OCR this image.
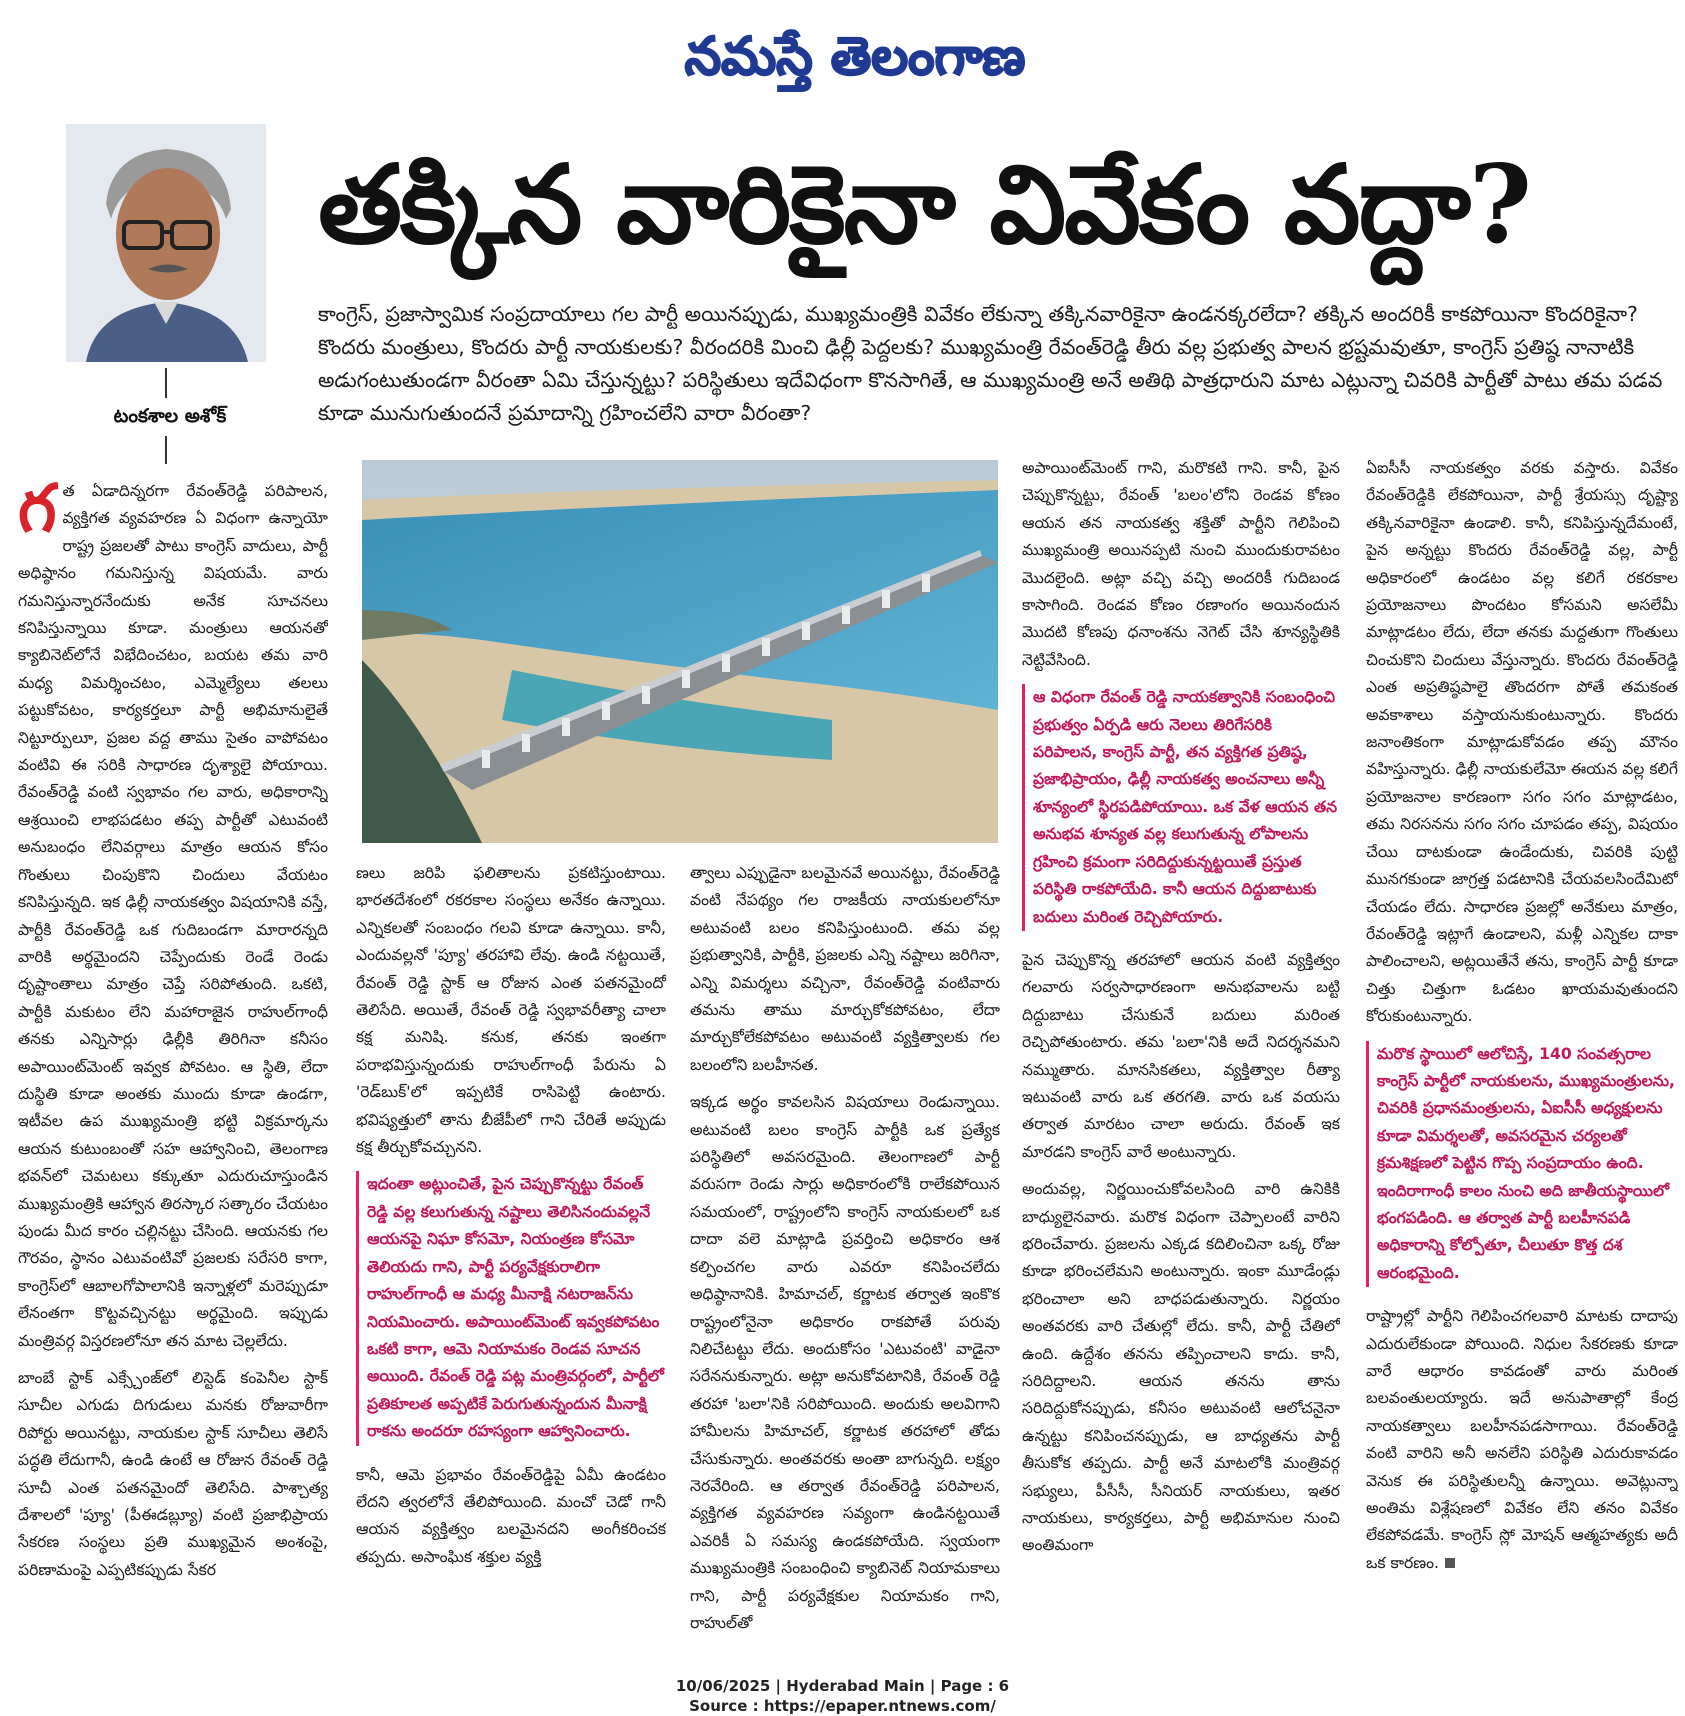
నమస్తే తెలంగాణ
టంకశాల అశోక్
తక్కిన వారికైనా వివేకం వద్దా?

కాంగ్రెస్, ప్రజాస్వామిక సంప్రదాయాలు గల పార్టీ అయినప్పుడు, ముఖ్యమంత్రికి వివేకం లేకున్నా తక్కినవారికైనా ఉండనక్కరలేదా? తక్కిన అందరికీ కాకపోయినా కొందరికైనా? కొందరు మంత్రులు, కొందరు పార్టీ నాయకులకు? వీరందరికి మించి ఢిల్లీ పెద్దలకు? ముఖ్యమంత్రి రేవంత్‌రెడ్డి తీరు వల్ల ప్రభుత్వ పాలన భ్రష్టమవుతూ, కాంగ్రెస్ ప్రతిష్ఠ నానాటికి అడుగంటుతుండగా వీరంతా ఏమి చేస్తున్నట్టు? పరిస్థితులు ఇదేవిధంగా కొనసాగితే, ఆ ముఖ్యమంత్రి అనే అతిథి పాత్రధారుని మాట ఎట్లున్నా చివరికి పార్టీతో పాటు తమ పడవ కూడా మునుగుతుందనే ప్రమాదాన్ని గ్రహించలేని వారా వీరంతా?

గ త ఏడాదిన్నరగా రేవంత్‌రెడ్డి పరిపాలన, వ్యక్తిగత వ్యవహరణ ఏ విధంగా ఉన్నాయో రాష్ట్ర ప్రజలతో పాటు కాంగ్రెస్ వాదులు, పార్టీ అధిష్ఠానం గమనిస్తున్న విషయమే. వారు గమనిస్తున్నారనేందుకు అనేక సూచనలు కనిపిస్తున్నాయి కూడా. మంత్రులు ఆయనతో క్యాబినెట్‌లోనే విభేదించటం, బయట తమ వారి మధ్య విమర్శించటం, ఎమ్మెల్యేలు తలలు పట్టుకోవటం, కార్యకర్తలూ పార్టీ అభిమానులైతే నిట్టూర్పులూ, ప్రజల వద్ద తాము సైతం వాపోవటం వంటివి ఈ సరికి సాధారణ దృశ్యాలై పోయాయి. రేవంత్‌రెడ్డి వంటి స్వభావం గల వారు, అధికారాన్ని ఆశ్రయించి లాభపడటం తప్ప పార్టీతో ఎటువంటి అనుబంధం లేనివర్గాలు మాత్రం ఆయన కోసం గొంతులు చింపుకొని చిందులు వేయటం కనిపిస్తున్నది. ఇక ఢిల్లీ నాయకత్వం విషయానికి వస్తే, పార్టీకి రేవంత్‌రెడ్డి ఒక గుదిబండగా మారారన్నది వారికి అర్థమైందని చెప్పేందుకు రెండే రెండు దృష్టాంతాలు మాత్రం చెప్తే సరిపోతుంది. ఒకటి, పార్టీకి మకుటం లేని మహారాజైన రాహుల్‌గాంధీ తనకు ఎన్నిసార్లు ఢిల్లీకి తిరిగినా కనీసం అపాయింట్‌మెంట్ ఇవ్వక పోవటం. ఆ స్థితి, లేదా దుస్థితి కూడా అంతకు ముందు కూడా ఉండగా, ఇటీవల ఉప ముఖ్యమంత్రి భట్టి విక్రమార్కను ఆయన కుటుంబంతో సహ ఆహ్వానించి, తెలంగాణ భవన్‌లో చెమటలు కక్కుతూ ఎదురుచూస్తుండిన ముఖ్యమంత్రికి ఆహ్వాన తిరస్కార సత్కారం చేయటం పుండు మీద కారం చల్లినట్టు చేసింది. ఆయనకు గల గౌరవం, స్థానం ఎటువంటివో ప్రజలకు సరేసరి కాగా, కాంగ్రెస్‌లో ఆబాలగోపాలానికి ఇన్నాళ్లలో మరెప్పుడూ లేనంతగా కొట్టవచ్చినట్టు అర్థమైంది. ఇప్పుడు మంత్రివర్గ విస్తరణలోనూ తన మాట చెల్లలేదు.

బాంబే స్టాక్ ఎక్స్చేంజ్‌లో లిస్టెడ్ కంపెనీల స్టాక్ సూచీల ఎగుడు దిగుడులు మనకు రోజువారీగా రిపోర్టు అయినట్టు, నాయకుల స్టాక్ సూచీలు తెలిసే పద్ధతి లేదుగానీ, ఉండి ఉంటే ఆ రోజున రేవంత్ రెడ్డి సూచీ ఎంత పతనమైందో తెలిసేది. పాశ్చాత్య దేశాలలో 'ప్యూ' (పీఈడబ్ల్యూ) వంటి ప్రజాభిప్రాయ సేకరణ సంస్థలు ప్రతి ముఖ్యమైన అంశంపై, పరిణామంపై ఎప్పటికప్పుడు సేకర

ణలు జరిపి ఫలితాలను ప్రకటిస్తుంటాయి. భారతదేశంలో రకరకాల సంస్థలు అనేకం ఉన్నాయి. ఎన్నికలతో సంబంధం గలవి కూడా ఉన్నాయి. కానీ, ఎందువల్లనో 'ప్యూ' తరహావి లేవు. ఉండి నట్టయితే, రేవంత్ రెడ్డి స్టాక్ ఆ రోజున ఎంత పతనమైందో తెలిసేది. అయితే, రేవంత్ రెడ్డి స్వభావరీత్యా చాలా కక్ష మనిషి. కనుక, తనకు ఇంతగా పరాభవిస్తున్నందుకు రాహుల్‌గాంధీ పేరును ఏ 'రెడ్‌బుక్'లో ఇప్పటికే రాసిపెట్టి ఉంటారు. భవిష్యత్తులో తాను బీజేపీలో గాని చేరితే అప్పుడు కక్ష తీర్చుకోవచ్చునని.

ఇదంతా అట్లుంచితే, పైన చెప్పుకొన్నట్టు రేవంత్ రెడ్డి వల్ల కలుగుతున్న నష్టాలు తెలిసినందువల్లనే ఆయనపై నిఘా కోసమో, నియంత్రణ కోసమో తెలియదు గాని, పార్టీ పర్యవేక్షకురాలిగా రాహుల్‌గాంధీ ఆ మధ్య మీనాక్షి నటరాజన్‌ను నియమించారు. అపాయింట్‌మెంట్ ఇవ్వకపోవటం ఒకటి కాగా, ఆమె నియామకం రెండవ సూచన అయింది. రేవంత్ రెడ్డి పట్ల మంత్రివర్గంలో, పార్టీలో ప్రతికూలత అప్పటికే పెరుగుతున్నందున మీనాక్షి రాకను అందరూ రహస్యంగా ఆహ్వానించారు.

కానీ, ఆమె ప్రభావం రేవంత్‌రెడ్డిపై ఏమీ ఉండటం లేదని త్వరలోనే తేలిపోయింది. మంచో చెడో గానీ ఆయన వ్యక్తిత్వం బలమైనదని అంగీకరించక తప్పదు. అసాంఘిక శక్తుల వ్యక్తి

త్వాలు ఎప్పుడైనా బలమైనవే అయినట్టు, రేవంత్‌రెడ్డి వంటి నేపథ్యం గల రాజకీయ నాయకులలోనూ అటువంటి బలం కనిపిస్తుంటుంది. తమ వల్ల ప్రభుత్వానికి, పార్టీకి, ప్రజలకు ఎన్ని నష్టాలు జరిగినా, ఎన్ని విమర్శలు వచ్చినా, రేవంత్‌రెడ్డి వంటివారు తమను తాము మార్చుకోకపోవటం, లేదా మార్చుకోలేకపోవటం అటువంటి వ్యక్తిత్వాలకు గల బలంలోని బలహీనత.

ఇక్కడ అర్థం కావలసిన విషయాలు రెండున్నాయి. అటువంటి బలం కాంగ్రెస్ పార్టీకి ఒక ప్రత్యేక పరిస్థితిలో అవసరమైంది. తెలంగాణలో పార్టీ వరుసగా రెండు సార్లు అధికారంలోకి రాలేకపోయిన సమయంలో, రాష్ట్రంలోని కాంగ్రెస్ నాయకులలో ఒక దాదా వలె మాట్లాడి ప్రవర్తించి అధికారం ఆశ కల్పించగల వారు ఎవరూ కనిపించలేదు అధిష్ఠానానికి. హిమాచల్, కర్ణాటక తర్వాత ఇంకొక రాష్ట్రంలోనైనా అధికారం రాకపోతే పరువు నిలిచేటట్టు లేదు. అందుకోసం 'ఎటువంటి' వాడైనా సరేననుకున్నారు. అట్లా అనుకోవటానికి, రేవంత్ రెడ్డి తరహా 'బలా'నికి సరిపోయింది. అందుకు అలవిగాని హామీలను హిమాచల్, కర్ణాటక తరహాలో తోడు చేసుకున్నారు. అంతవరకు అంతా బాగున్నది. లక్ష్యం నెరవేరింది. ఆ తర్వాత రేవంత్‌రెడ్డి పరిపాలన, వ్యక్తిగత వ్యవహరణ సవ్యంగా ఉండినట్టయితే ఎవరికీ ఏ సమస్య ఉండకపోయేది. స్వయంగా ముఖ్యమంత్రికి సంబంధించి క్యాబినెట్ నియామకాలు గాని, పార్టీ పర్యవేక్షకుల నియామకం గాని, రాహుల్‌తో

అపాయింట్‌మెంట్ గాని, మరొకటి గాని. కానీ, పైన చెప్పుకొన్నట్టు, రేవంత్ 'బలం'లోని రెండవ కోణం ఆయన తన నాయకత్వ శక్తితో పార్టీని గెలిపించి ముఖ్యమంత్రి అయినప్పటి నుంచి ముందుకురావటం మొదలైంది. అట్లా వచ్చి వచ్చి అందరికీ గుదిబండ కాసాగింది. రెండవ కోణం రణాంగం అయినందున మొదటి కోణపు ధనాంశను నెగెట్ చేసి శూన్యస్థితికి నెట్టివేసింది.

ఆ విధంగా రేవంత్ రెడ్డి నాయకత్వానికి సంబంధించి ప్రభుత్వం ఏర్పడి ఆరు నెలలు తిరిగేసరికి పరిపాలన, కాంగ్రెస్ పార్టీ, తన వ్యక్తిగత ప్రతిష్ఠ, ప్రజాభిప్రాయం, ఢిల్లీ నాయకత్వ అంచనాలు అన్నీ శూన్యంలో స్థిరపడిపోయాయి. ఒక వేళ ఆయన తన అనుభవ శూన్యత వల్ల కలుగుతున్న లోపాలను గ్రహించి క్రమంగా సరిదిద్దుకున్నట్టయితే ప్రస్తుత పరిస్థితి రాకపోయేది. కానీ ఆయన దిద్దుబాటుకు బదులు మరింత రెచ్చిపోయారు.

పైన చెప్పుకొన్న తరహాలో ఆయన వంటి వ్యక్తిత్వం గలవారు సర్వసాధారణంగా అనుభవాలను బట్టి దిద్దుబాటు చేసుకునే బదులు మరింత రెచ్చిపోతుంటారు. తమ 'బలా'నికి అదే నిదర్శనమని నమ్ముతారు. మానసికతలు, వ్యక్తిత్వాల రీత్యా ఇటువంటి వారు ఒక తరగతి. వారు ఒక వయసు తర్వాత మారటం చాలా అరుదు. రేవంత్ ఇక మారడని కాంగ్రెస్ వారే అంటున్నారు.

అందువల్ల, నిర్ణయించుకోవలసింది వారి ఉనికికి బాధ్యులైనవారు. మరొక విధంగా చెప్పాలంటే వారిని భరించేవారు. ప్రజలను ఎక్కడ కదిలించినా ఒక్క రోజు కూడా భరించలేమని అంటున్నారు. ఇంకా మూడేండ్లు భరించాలా అని బాధపడుతున్నారు. నిర్ణయం అంతవరకు వారి చేతుల్లో లేదు. కానీ, పార్టీ చేతిలో ఉంది. ఉద్దేశం తనను తప్పించాలని కాదు. కానీ, సరిదిద్దాలని. ఆయన తనను తాను సరిదిద్దుకోనప్పుడు, కనీసం అటువంటి ఆలోచనైనా ఉన్నట్టు కనిపించనప్పుడు, ఆ బాధ్యతను పార్టీ తీసుకోక తప్పదు. పార్టీ అనే మాటలోకి మంత్రివర్గ సభ్యులు, పీసీసీ, సీనియర్ నాయకులు, ఇతర నాయకులు, కార్యకర్తలు, పార్టీ అభిమానుల నుంచి అంతిమంగా

ఏఐసీసీ నాయకత్వం వరకు వస్తారు. వివేకం రేవంత్‌రెడ్డికి లేకపోయినా, పార్టీ శ్రేయస్సు దృష్ట్యా తక్కినవారికైనా ఉండాలి. కానీ, కనిపిస్తున్నదేమంటే, పైన అన్నట్టు కొందరు రేవంత్‌రెడ్డి వల్ల, పార్టీ అధికారంలో ఉండటం వల్ల కలిగే రకరకాల ప్రయోజనాలు పొందటం కోసమని అసలేమీ మాట్లాడటం లేదు, లేదా తనకు మద్దతుగా గొంతులు చించుకొని చిందులు వేస్తున్నారు. కొందరు రేవంత్‌రెడ్డి ఎంత అప్రతిష్ఠపాలై తొందరగా పోతే తమకంత అవకాశాలు వస్తాయనుకుంటున్నారు. కొందరు జనాంతికంగా మాట్లాడుకోవడం తప్ప మౌనం వహిస్తున్నారు. ఢిల్లీ నాయకులేమో ఈయన వల్ల కలిగే ప్రయోజనాల కారణంగా సగం సగం మాట్లాడటం, తమ నిరసనను సగం సగం చూపడం తప్ప, విషయం చేయి దాటకుండా ఉండేందుకు, చివరికి పుట్టి మునగకుండా జాగ్రత్త పడటానికి చేయవలసిందేమిటో చేయడం లేదు. సాధారణ ప్రజల్లో అనేకులు మాత్రం, రేవంత్‌రెడ్డి ఇట్లాగే ఉండాలని, మళ్లీ ఎన్నికల దాకా పాలించాలని, అట్లయితేనే తను, కాంగ్రెస్ పార్టీ కూడా చిత్తు చిత్తుగా ఓడటం ఖాయమవుతుందని కోరుకుంటున్నారు.

మరొక స్థాయిలో ఆలోచిస్తే, 140 సంవత్సరాల కాంగ్రెస్ పార్టీలో నాయకులను, ముఖ్యమంత్రులను, చివరికి ప్రధానమంత్రులను, ఏఐసీసీ అధ్యక్షులను కూడా విమర్శలతో, అవసరమైన చర్యలతో క్రమశిక్షణలో పెట్టిన గొప్ప సంప్రదాయం ఉంది. ఇందిరాగాంధీ కాలం నుంచి అది జాతీయస్థాయిలో భంగపడింది. ఆ తర్వాత పార్టీ బలహీనపడి అధికారాన్ని కోల్పోతూ, చీలుతూ కొత్త దశ ఆరంభమైంది.

రాష్ట్రాల్లో పార్టీని గెలిపించగలవారి మాటకు దాదాపు ఎదురులేకుండా పోయింది. నిధుల సేకరణకు కూడా వారే ఆధారం కావడంతో వారు మరింత బలవంతులయ్యారు. ఇదే అనుపాతాల్లో కేంద్ర నాయకత్వాలు బలహీనపడసాగాయి. రేవంత్‌రెడ్డి వంటి వారిని అనీ అనలేని పరిస్థితి ఎదురుకావడం వెనుక ఈ పరిస్థితులన్నీ ఉన్నాయి. అవెట్లున్నా అంతిమ విశ్లేషణలో వివేకం లేని తనం వివేకం లేకపోవడమే. కాంగ్రెస్ స్లో మోషన్ ఆత్మహత్యకు అదీ ఒక కారణం.

10/06/2025 | Hyderabad Main | Page : 6
Source : https://epaper.ntnews.com/
